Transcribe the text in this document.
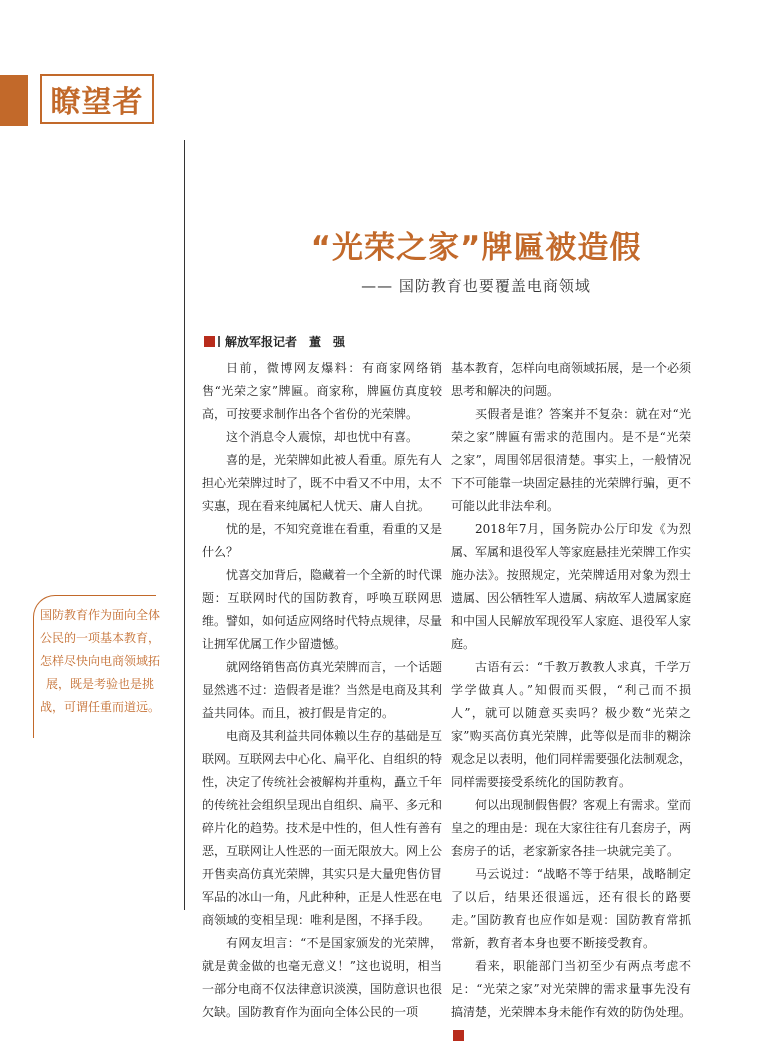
瞭望者
“光荣之家”牌匾被造假
—— 国防教育也要覆盖电商领域
解放军报记者　董　强
国防教育作为面向全体公民的一项基本教育，怎样尽快向电商领域拓展，既是考验也是挑战，可谓任重而道远。

日前，微博网友爆料：有商家网络销售“光荣之家”牌匾。商家称，牌匾仿真度较高，可按要求制作出各个省份的光荣牌。

这个消息令人震惊，却也忧中有喜。

喜的是，光荣牌如此被人看重。原先有人担心光荣牌过时了，既不中看又不中用，太不实惠，现在看来纯属杞人忧天、庸人自扰。

忧的是，不知究竟谁在看重，看重的又是什么？

忧喜交加背后，隐藏着一个全新的时代课题：互联网时代的国防教育，呼唤互联网思维。譬如，如何适应网络时代特点规律，尽量让拥军优属工作少留遗憾。

就网络销售高仿真光荣牌而言，一个话题显然逃不过：造假者是谁？当然是电商及其利益共同体。而且，被打假是肯定的。

电商及其利益共同体赖以生存的基础是互联网。互联网去中心化、扁平化、自组织的特性，决定了传统社会被解构并重构，矗立千年的传统社会组织呈现出自组织、扁平、多元和碎片化的趋势。技术是中性的，但人性有善有恶，互联网让人性恶的一面无限放大。网上公开售卖高仿真光荣牌，其实只是大量兜售仿冒军品的冰山一角，凡此种种，正是人性恶在电商领域的变相呈现：唯利是图，不择手段。

有网友坦言：“不是国家颁发的光荣牌，就是黄金做的也毫无意义！”这也说明，相当一部分电商不仅法律意识淡漠，国防意识也很欠缺。国防教育作为面向全体公民的一项

基本教育，怎样向电商领域拓展，是一个必须思考和解决的问题。

买假者是谁？答案并不复杂：就在对“光荣之家”牌匾有需求的范围内。是不是“光荣之家”，周围邻居很清楚。事实上，一般情况下不可能靠一块固定悬挂的光荣牌行骗，更不可能以此非法牟利。

2018年7月，国务院办公厅印发《为烈属、军属和退役军人等家庭悬挂光荣牌工作实施办法》。按照规定，光荣牌适用对象为烈士遗属、因公牺牲军人遗属、病故军人遗属家庭和中国人民解放军现役军人家庭、退役军人家庭。

古语有云：“千教万教教人求真，千学万学学做真人。”知假而买假，“利己而不损人”，就可以随意买卖吗？极少数“光荣之家”购买高仿真光荣牌，此等似是而非的糊涂观念足以表明，他们同样需要强化法制观念，同样需要接受系统化的国防教育。

何以出现制假售假？客观上有需求。堂而皇之的理由是：现在大家往往有几套房子，两套房子的话，老家新家各挂一块就完美了。

马云说过：“战略不等于结果，战略制定了以后，结果还很遥远，还有很长的路要走。”国防教育也应作如是观：国防教育常抓常新，教育者本身也要不断接受教育。

看来，职能部门当初至少有两点考虑不足：“光荣之家”对光荣牌的需求量事先没有搞清楚，光荣牌本身未能作有效的防伪处理。G
